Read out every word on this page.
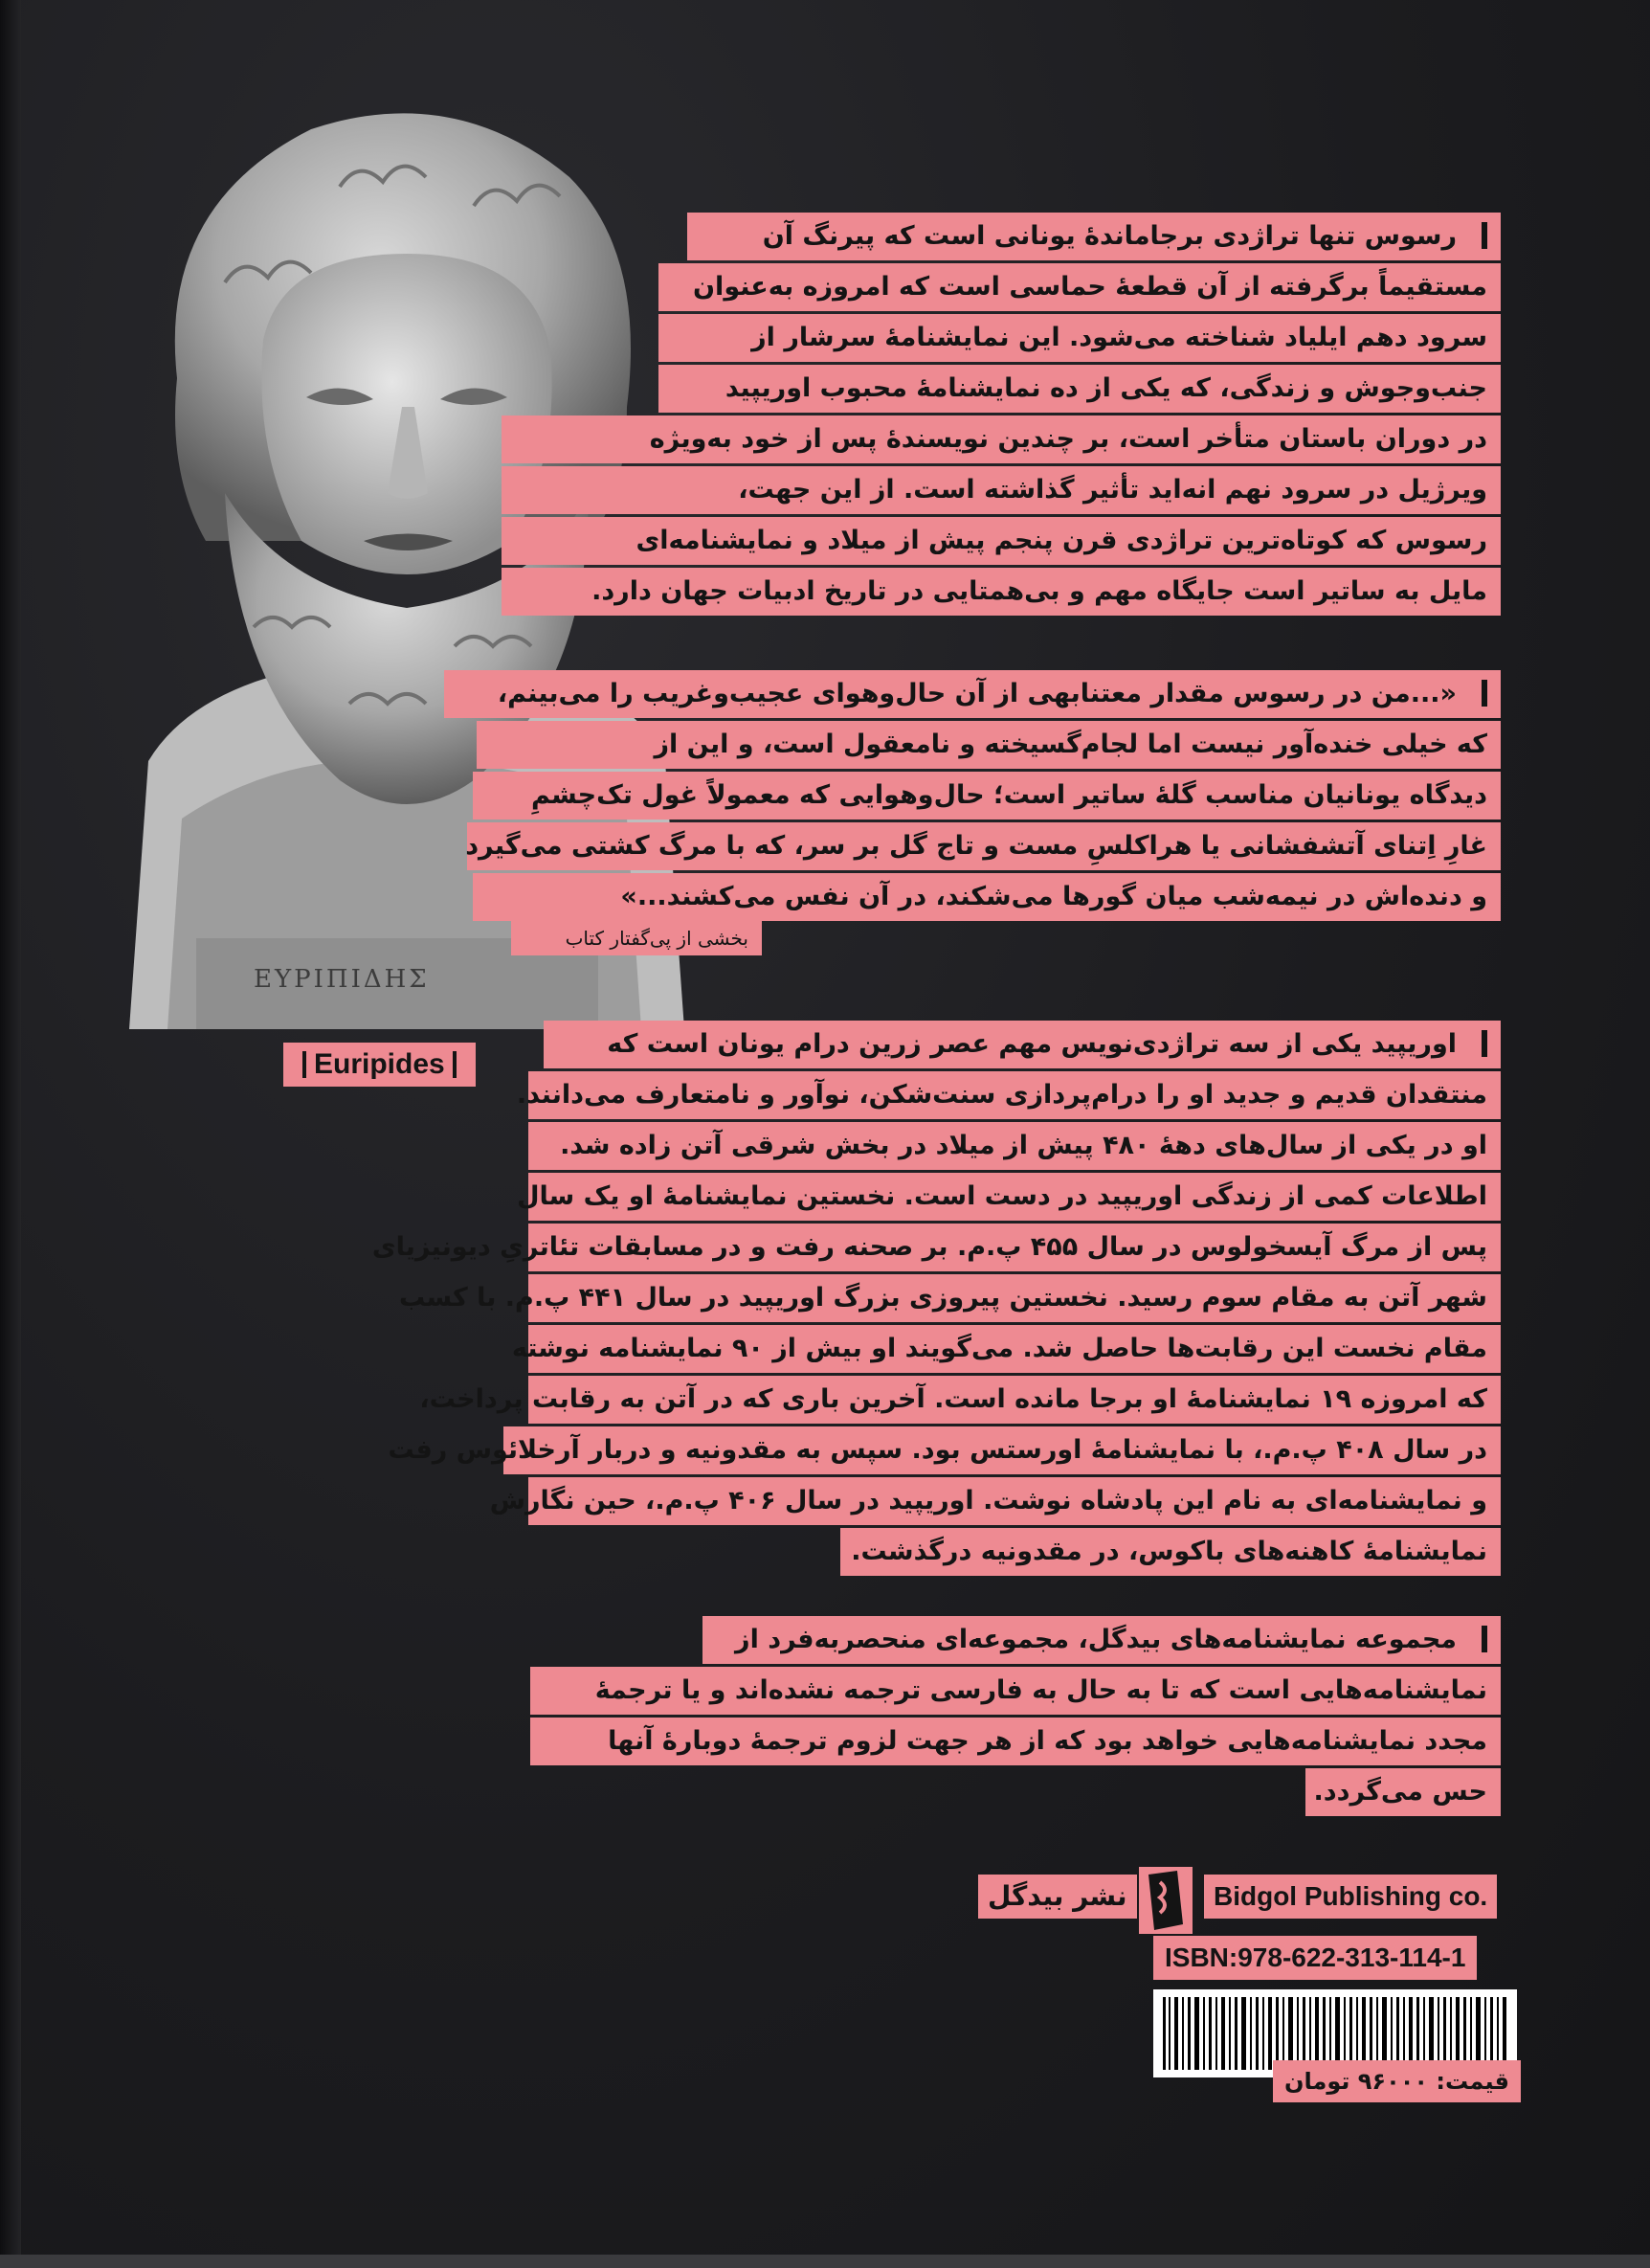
ΕΥΡΙΠΙΔΗΣ
رسوس تنها تراژدی برجاماندهٔ یونانی است که پیرنگ آن
مستقیماً برگرفته از آن قطعهٔ حماسی است که امروزه به‌عنوان
سرود دهم ایلیاد شناخته می‌شود. این نمایشنامهٔ سرشار از
جنب‌وجوش و زندگی، که یکی از ده نمایشنامهٔ محبوب اوریپید
در دوران باستان متأخر است، بر چندین نویسندهٔ پس از خود به‌ویژه
ویرژیل در سرود نهم انه‌اید تأثیر گذاشته است. از این جهت،
رسوس که کوتاه‌ترین تراژدی قرن پنجم پیش از میلاد و نمایشنامه‌ای
مایل به ساتیر است جایگاه مهم و بی‌همتایی در تاریخ ادبیات جهان دارد.
«...من در رسوس مقدار معتنابهی از آن حال‌وهوای عجیب‌وغریب را می‌بینم،
که خیلی خنده‌آور نیست اما لجام‌گسیخته و نامعقول است، و این از
دیدگاه یونانیان مناسب گلهٔ ساتیر است؛ حال‌وهوایی که معمولاً غول تک‌چشمِ
غارِ اِتنای آتشفشانی یا هراکلسِ مست و تاج گل بر سر، که با مرگ کشتی می‌گیرد
و دنده‌اش در نیمه‌شب میان گورها می‌شکند، در آن نفس می‌کشند...»
بخشی از پی‌گفتار کتاب
Euripides
اوریپید یکی از سه تراژدی‌نویس مهم عصر زرین درام یونان است که
منتقدان قدیم و جدید او را درام‌پردازی سنت‌شکن، نوآور و نامتعارف می‌دانند.
او در یکی از سال‌های دههٔ ۴۸۰ پیش از میلاد در بخش شرقی آتن زاده شد.
اطلاعات کمی از زندگی اوریپید در دست است. نخستین نمایشنامهٔ او یک سال
پس از مرگ آیسخولوس در سال ۴۵۵ پ.م. بر صحنه رفت و در مسابقات تئاتریِ دیونیزیای
شهر آتن به مقام سوم رسید. نخستین پیروزی بزرگ اوریپید در سال ۴۴۱ پ.م. با کسب
مقام نخست این رقابت‌ها حاصل شد. می‌گویند او بیش از ۹۰ نمایشنامه نوشته
که امروزه ۱۹ نمایشنامهٔ او برجا مانده است. آخرین باری که در آتن به رقابت پرداخت،
در سال ۴۰۸ پ.م.، با نمایشنامهٔ اورستس بود. سپس به مقدونیه و دربار آرخلائوس رفت
و نمایشنامه‌ای به نام این پادشاه نوشت. اوریپید در سال ۴۰۶ پ.م.، حین نگارش
نمایشنامهٔ کاهنه‌های باکوس، در مقدونیه درگذشت.
مجموعه نمایشنامه‌های بیدگل، مجموعه‌ای منحصربه‌فرد از
نمایشنامه‌هایی است که تا به حال به فارسی ترجمه نشده‌اند و یا ترجمهٔ
مجدد نمایشنامه‌هایی خواهد بود که از هر جهت لزوم ترجمهٔ دوبارهٔ آنها
حس می‌گردد.
نشر بیدگل	Bidgol Publishing co.
ISBN:978-622-313-114-1
قیمت: ۹۶۰۰۰ تومان
